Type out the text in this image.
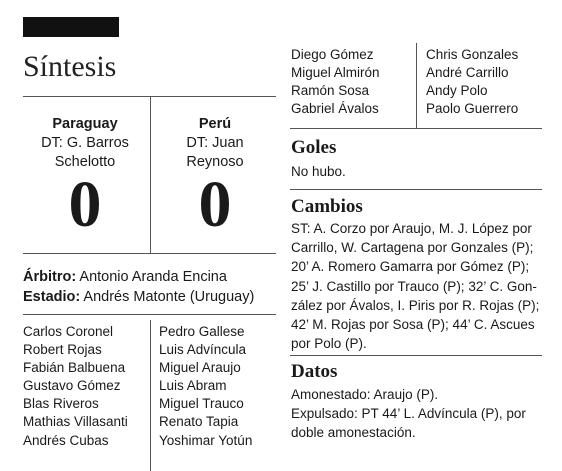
Síntesis
Paraguay
DT: G. Barros
Schelotto
0
Perú
DT: Juan
Reynoso
0
Árbitro: Antonio Aranda Encina
Estadio: Andrés Matonte (Uruguay)
Carlos Coronel
Robert Rojas
Fabián Balbuena
Gustavo Gómez
Blas Riveros
Mathias Villasanti
Andrés Cubas
Pedro Gallese
Luis Advíncula
Miguel Araujo
Luis Abram
Miguel Trauco
Renato Tapia
Yoshimar Yotún
Diego Gómez
Miguel Almirón
Ramón Sosa
Gabriel Ávalos
Chris Gonzales
André Carrillo
Andy Polo
Paolo Guerrero
Goles
No hubo.
Cambios
ST: A. Corzo por Araujo, M. J. López por
Carrillo, W. Cartagena por Gonzales (P);
20’ A. Romero Gamarra por Gómez (P);
25’ J. Castillo por Trauco (P); 32’ C. Gon-
zález por Ávalos, I. Piris por R. Rojas (P);
42’ M. Rojas por Sosa (P); 44’ C. Ascues
por Polo (P).
Datos
Amonestado: Araujo (P).
Expulsado: PT 44’ L. Advíncula (P), por
doble amonestación.
